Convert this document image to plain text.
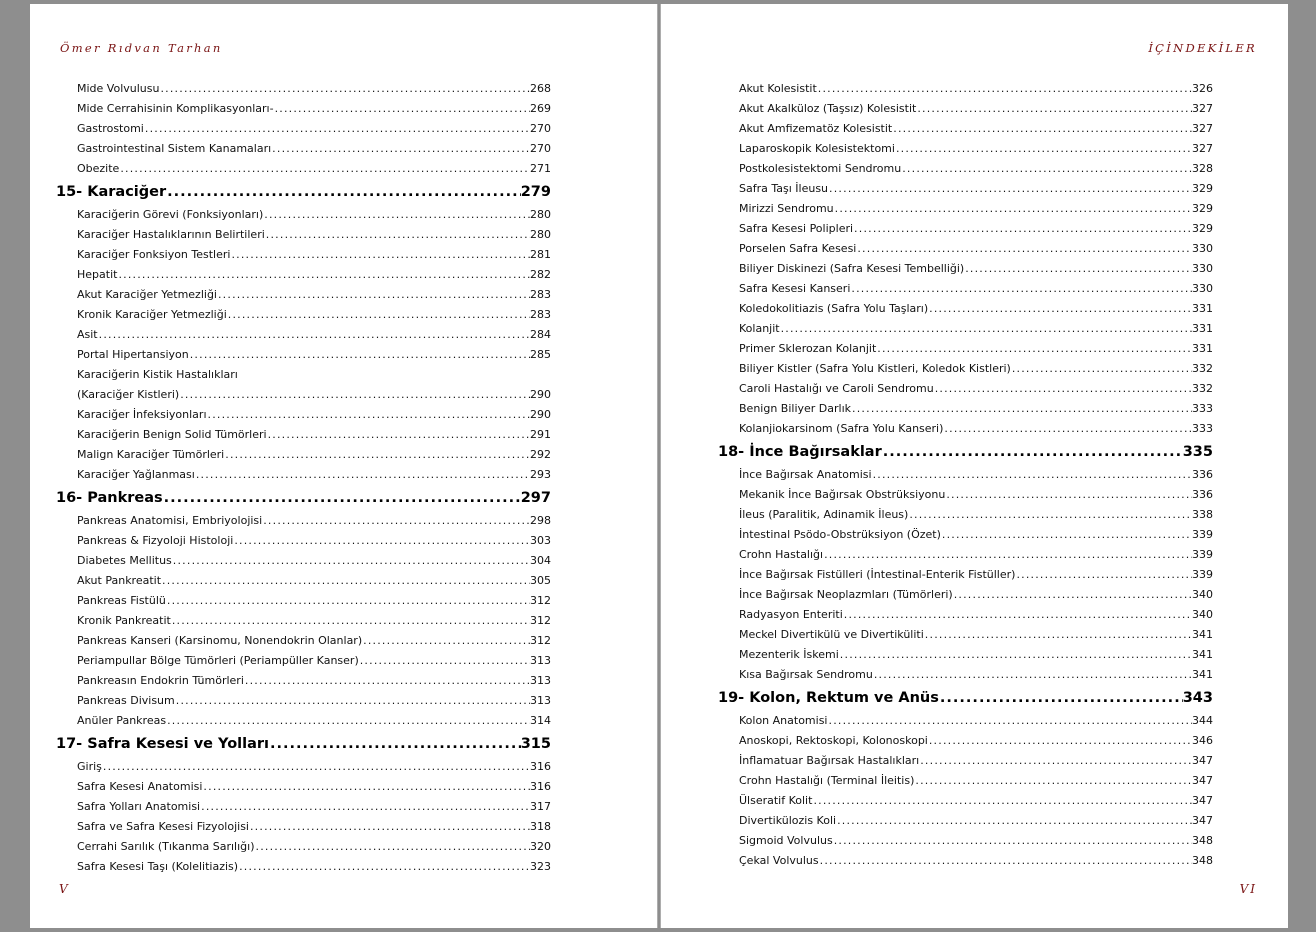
Ömer Rıdvan Tarhan
Mide Volvulusu .....	268
Mide Cerrahisinin Komplikasyonları- .....	269
Gastrostomi .....	270
Gastrointestinal Sistem Kanamaları .....	270
Obezite .....	271
15- Karaciğer .....	279
Karaciğerin Görevi (Fonksiyonları) .....	280
Karaciğer Hastalıklarının Belirtileri .....	280
Karaciğer Fonksiyon Testleri .....	281
Hepatit .....	282
Akut Karaciğer Yetmezliği .....	283
Kronik Karaciğer Yetmezliği .....	283
Asit .....	284
Portal Hipertansiyon .....	285
Karaciğerin Kistik Hastalıkları
(Karaciğer Kistleri) .....	290
Karaciğer İnfeksiyonları .....	290
Karaciğerin Benign Solid Tümörleri .....	291
Malign Karaciğer Tümörleri .....	292
Karaciğer Yağlanması .....	293
16- Pankreas .....	297
Pankreas Anatomisi, Embriyolojisi .....	298
Pankreas & Fizyoloji Histoloji .....	303
Diabetes Mellitus .....	304
Akut Pankreatit .....	305
Pankreas Fistülü .....	312
Kronik Pankreatit .....	312
Pankreas Kanseri (Karsinomu, Nonendokrin Olanlar) .....	312
Periampullar Bölge Tümörleri (Periampüller Kanser) .....	313
Pankreasın Endokrin Tümörleri .....	313
Pankreas Divisum .....	313
Anüler Pankreas .....	314
17- Safra Kesesi ve Yolları .....	315
Giriş .....	316
Safra Kesesi Anatomisi .....	316
Safra Yolları Anatomisi .....	317
Safra ve Safra Kesesi Fizyolojisi .....	318
Cerrahi Sarılık (Tıkanma Sarılığı) .....	320
Safra Kesesi Taşı (Kolelitiazis) .....	323
V
İÇİNDEKİLER
Akut Kolesistit .....	326
Akut Akalküloz (Taşsız) Kolesistit .....	327
Akut Amfizematöz Kolesistit .....	327
Laparoskopik Kolesistektomi .....	327
Postkolesistektomi Sendromu .....	328
Safra Taşı İleusu .....	329
Mirizzi Sendromu .....	329
Safra Kesesi Polipleri .....	329
Porselen Safra Kesesi .....	330
Biliyer Diskinezi (Safra Kesesi Tembelliği) .....	330
Safra Kesesi Kanseri .....	330
Koledokolitiazis (Safra Yolu Taşları) .....	331
Kolanjit .....	331
Primer Sklerozan Kolanjit .....	331
Biliyer Kistler (Safra Yolu Kistleri, Koledok Kistleri) .....	332
Caroli Hastalığı ve Caroli Sendromu .....	332
Benign Biliyer Darlık .....	333
Kolanjiokarsinom (Safra Yolu Kanseri) .....	333
18- İnce Bağırsaklar .....	335
İnce Bağırsak Anatomisi .....	336
Mekanik İnce Bağırsak Obstrüksiyonu .....	336
İleus (Paralitik, Adinamik İleus) .....	338
İntestinal Psödo-Obstrüksiyon (Özet) .....	339
Crohn Hastalığı .....	339
İnce Bağırsak Fistülleri (İntestinal-Enterik Fistüller) .....	339
İnce Bağırsak Neoplazmları (Tümörleri) .....	340
Radyasyon Enteriti .....	340
Meckel Divertikülü ve Divertiküliti .....	341
Mezenterik İskemi .....	341
Kısa Bağırsak Sendromu .....	341
19- Kolon, Rektum ve Anüs .....	343
Kolon Anatomisi .....	344
Anoskopi, Rektoskopi, Kolonoskopi .....	346
İnflamatuar Bağırsak Hastalıkları .....	347
Crohn Hastalığı (Terminal İleitis) .....	347
Ülseratif Kolit .....	347
Divertikülozis Koli .....	347
Sigmoid Volvulus .....	348
Çekal Volvulus .....	348
VI
